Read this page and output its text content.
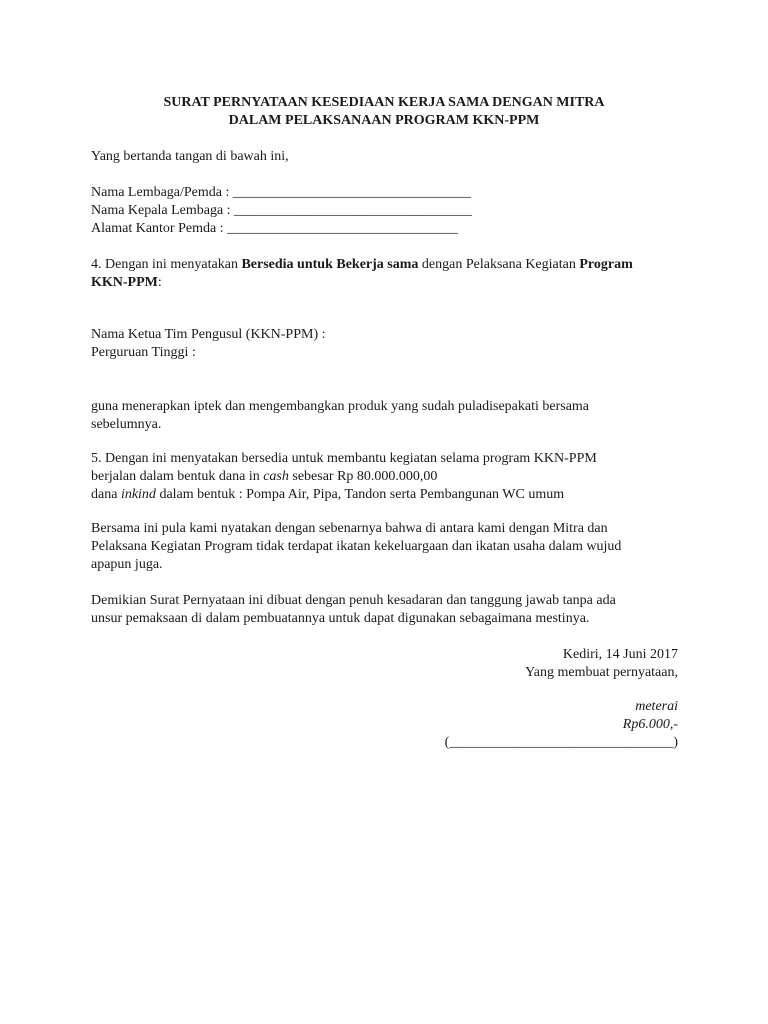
SURAT PERNYATAAN KESEDIAAN KERJA SAMA DENGAN MITRA
DALAM PELAKSANAAN PROGRAM KKN-PPM
Yang bertanda tangan di bawah ini,
Nama Lembaga/Pemda : __________________________________
Nama Kepala Lembaga : __________________________________
Alamat Kantor Pemda : _________________________________
4. Dengan ini menyatakan Bersedia untuk Bekerja sama dengan Pelaksana Kegiatan Program
KKN-PPM:
Nama Ketua Tim Pengusul (KKN-PPM) :
Perguruan Tinggi :
guna menerapkan iptek dan mengembangkan produk yang sudah puladisepakati bersama
sebelumnya.
5. Dengan ini menyatakan bersedia untuk membantu kegiatan selama program KKN-PPM
berjalan dalam bentuk dana in cash sebesar Rp 80.000.000,00
dana inkind dalam bentuk : Pompa Air, Pipa, Tandon serta Pembangunan WC umum
Bersama ini pula kami nyatakan dengan sebenarnya bahwa di antara kami dengan Mitra dan
Pelaksana Kegiatan Program tidak terdapat ikatan kekeluargaan dan ikatan usaha dalam wujud
apapun juga.
Demikian Surat Pernyataan ini dibuat dengan penuh kesadaran dan tanggung jawab tanpa ada
unsur pemaksaan di dalam pembuatannya untuk dapat digunakan sebagaimana mestinya.
Kediri, 14 Juni 2017
Yang membuat pernyataan,
meterai
Rp6.000,-
(________________________________)
